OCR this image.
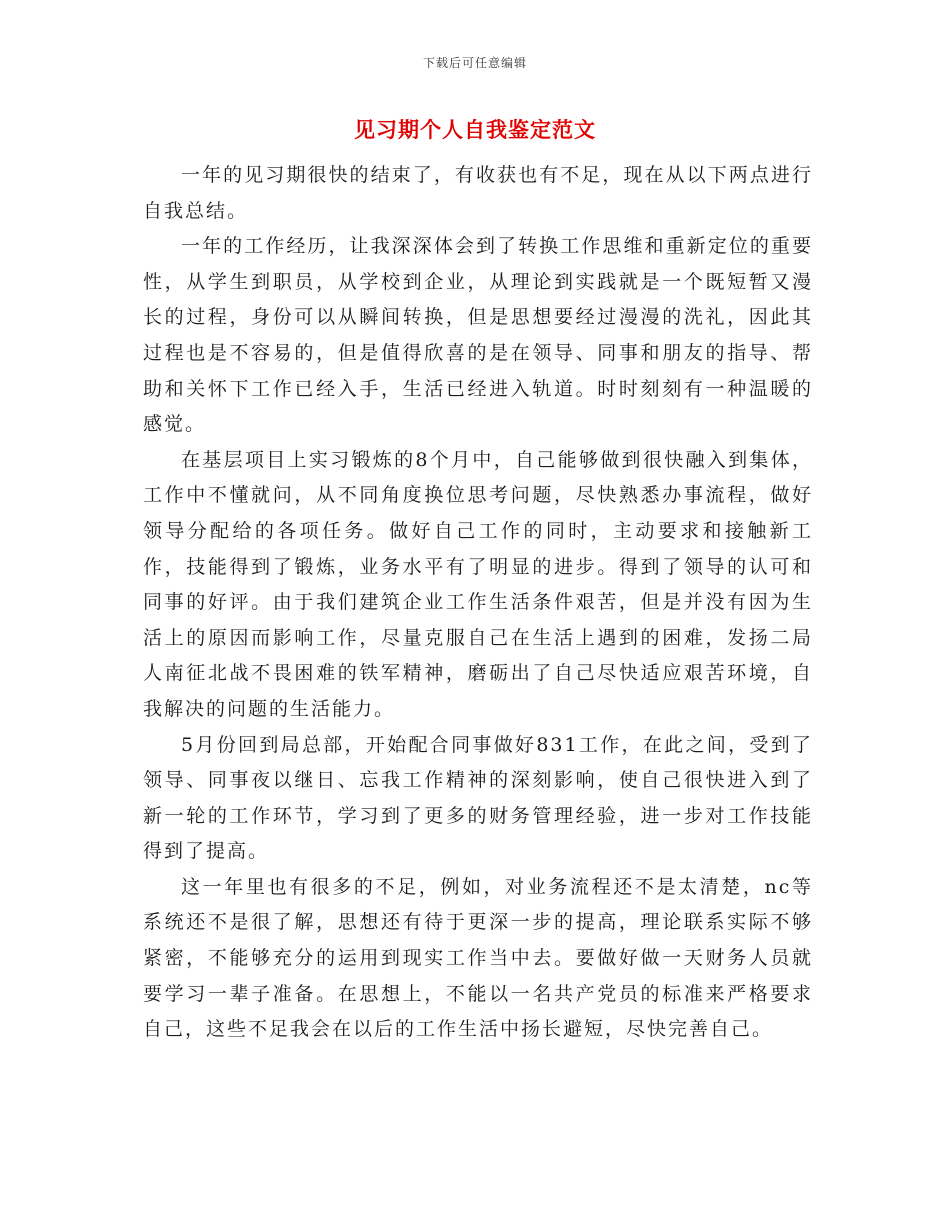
下载后可任意编辑
见习期个人自我鉴定范文

一年的见习期很快的结束了，有收获也有不足，现在从以下两点进行自我总结。

一年的工作经历，让我深深体会到了转换工作思维和重新定位的重要性，从学生到职员，从学校到企业，从理论到实践就是一个既短暂又漫长的过程，身份可以从瞬间转换，但是思想要经过漫漫的洗礼，因此其过程也是不容易的，但是值得欣喜的是在领导、同事和朋友的指导、帮助和关怀下工作已经入手，生活已经进入轨道。时时刻刻有一种温暖的感觉。

在基层项目上实习锻炼的8个月中，自己能够做到很快融入到集体，工作中不懂就问，从不同角度换位思考问题，尽快熟悉办事流程，做好领导分配给的各项任务。做好自己工作的同时，主动要求和接触新工作，技能得到了锻炼，业务水平有了明显的进步。得到了领导的认可和同事的好评。由于我们建筑企业工作生活条件艰苦，但是并没有因为生活上的原因而影响工作，尽量克服自己在生活上遇到的困难，发扬二局人南征北战不畏困难的铁军精神，磨砺出了自己尽快适应艰苦环境，自我解决的问题的生活能力。

5月份回到局总部，开始配合同事做好831工作，在此之间，受到了领导、同事夜以继日、忘我工作精神的深刻影响，使自己很快进入到了新一轮的工作环节，学习到了更多的财务管理经验，进一步对工作技能得到了提高。

这一年里也有很多的不足，例如，对业务流程还不是太清楚，nc等系统还不是很了解，思想还有待于更深一步的提高，理论联系实际不够紧密，不能够充分的运用到现实工作当中去。要做好做一天财务人员就要学习一辈子准备。在思想上，不能以一名共产党员的标准来严格要求自己，这些不足我会在以后的工作生活中扬长避短，尽快完善自己。
